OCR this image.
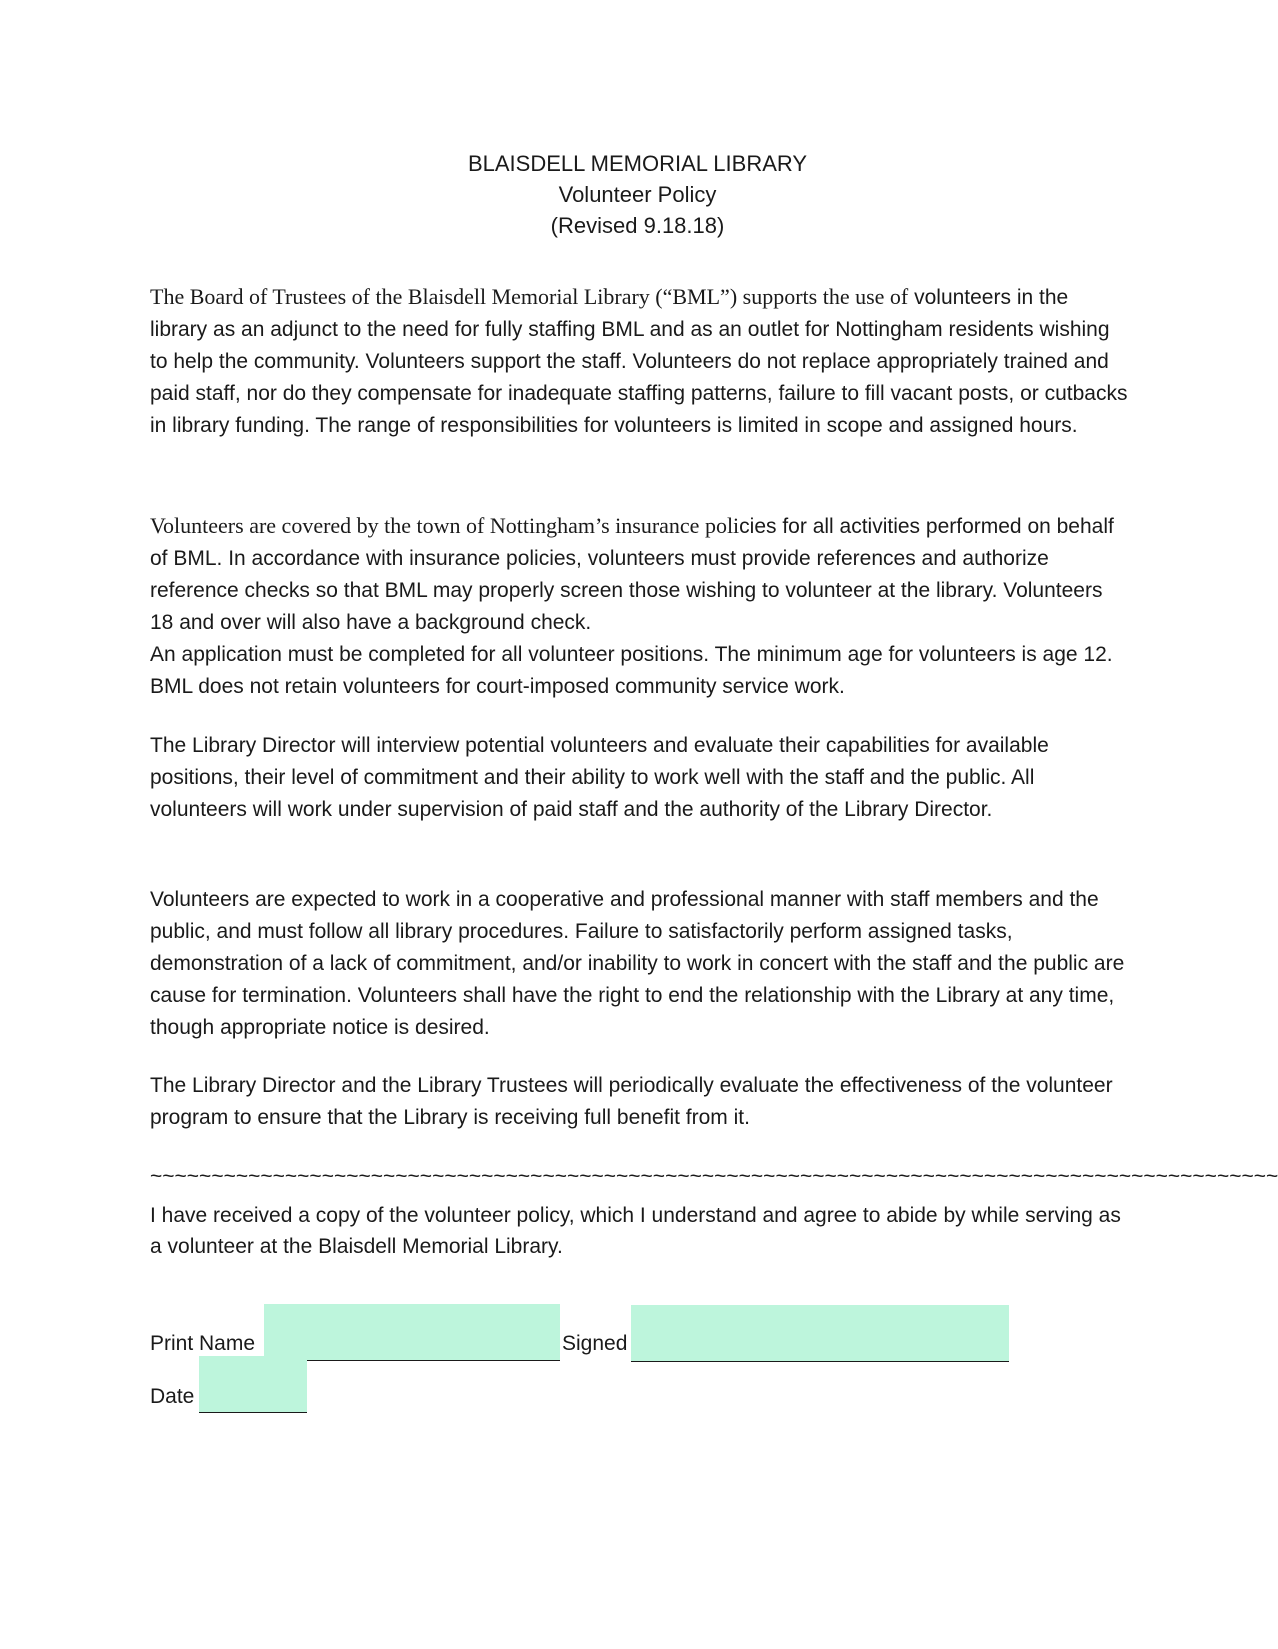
BLAISDELL MEMORIAL LIBRARY
Volunteer Policy
(Revised 9.18.18)
The Board of Trustees of the Blaisdell Memorial Library (“BML”) supports the use of volunteers in the library as an adjunct to the need for fully staffing BML and as an outlet for Nottingham residents wishing to help the community. Volunteers support the staff. Volunteers do not replace appropriately trained and paid staff, nor do they compensate for inadequate staffing patterns, failure to fill vacant posts, or cutbacks in library funding. The range of responsibilities for volunteers is limited in scope and assigned hours.
Volunteers are covered by the town of Nottingham’s insurance policies for all activities performed on behalf of BML. In accordance with insurance policies, volunteers must provide references and authorize reference checks so that BML may properly screen those wishing to volunteer at the library. Volunteers 18 and over will also have a background check.
An application must be completed for all volunteer positions. The minimum age for volunteers is age 12. BML does not retain volunteers for court-imposed community service work.
The Library Director will interview potential volunteers and evaluate their capabilities for available positions, their level of commitment and their ability to work well with the staff and the public. All volunteers will work under supervision of paid staff and the authority of the Library Director.
Volunteers are expected to work in a cooperative and professional manner with staff members and the public, and must follow all library procedures. Failure to satisfactorily perform assigned tasks, demonstration of a lack of commitment, and/or inability to work in concert with the staff and the public are cause for termination. Volunteers shall have the right to end the relationship with the Library at any time, though appropriate notice is desired.
The Library Director and the Library Trustees will periodically evaluate the effectiveness of the volunteer program to ensure that the Library is receiving full benefit from it.
~~~~~~~~~~~~~~~~~~~~~~~~~~~~~~~~~~~~~~~~~~~~~~~~~~~~~~~~~~~~~~~~~~~~~~~~~~~~~~~~~~~~~~~~~~~~
I have received a copy of the volunteer policy, which I understand and agree to abide by while serving as a volunteer at the Blaisdell Memorial Library.
Print Name	Signed
Date
